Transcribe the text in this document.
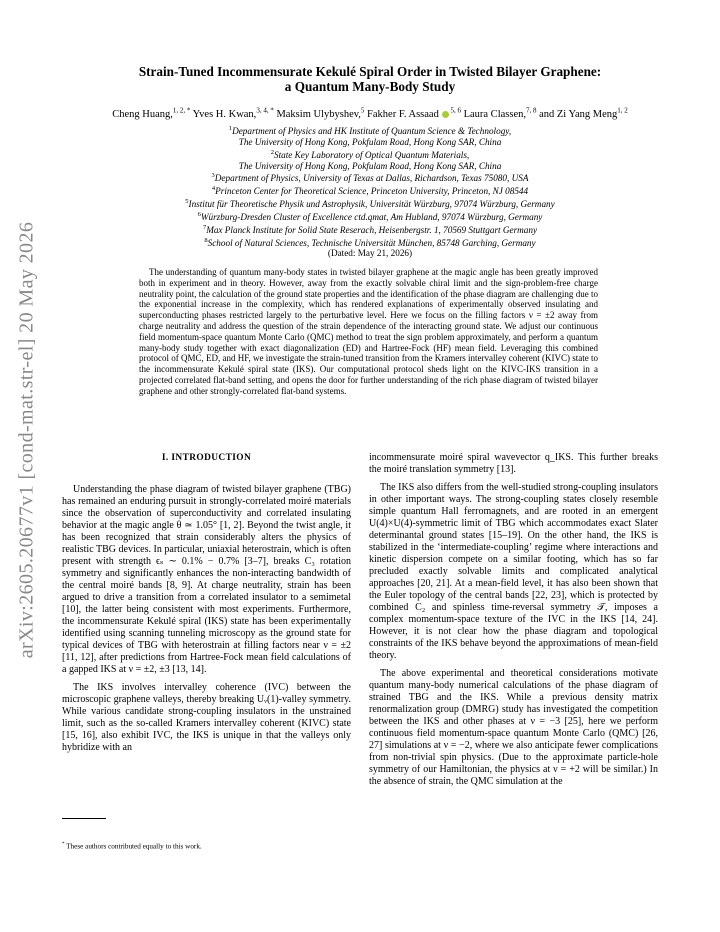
arXiv:2605.20677v1 [cond-mat.str-el] 20 May 2026
Strain-Tuned Incommensurate Kekulé Spiral Order in Twisted Bilayer Graphene:
a Quantum Many-Body Study
Cheng Huang,$^{1, 2, *}$ Yves H. Kwan,$^{3, 4, *}$ Maksim Ulybyshev,$^5$ Fakher F. Assaad $^{5, 6}$ Laura Classen,$^{7, 8}$ and Zi Yang Meng$^{1, 2}$
$^1$Department of Physics and HK Institute of Quantum Science & Technology,
The University of Hong Kong, Pokfulam Road, Hong Kong SAR, China
$^2$State Key Laboratory of Optical Quantum Materials,
The University of Hong Kong, Pokfulam Road, Hong Kong SAR, China
$^3$Department of Physics, University of Texas at Dallas, Richardson, Texas 75080, USA
$^4$Princeton Center for Theoretical Science, Princeton University, Princeton, NJ 08544
$^5$Institut für Theoretische Physik und Astrophysik, Universität Würzburg, 97074 Würzburg, Germany
$^6$Würzburg-Dresden Cluster of Excellence ctd.qmat, Am Hubland, 97074 Würzburg, Germany
$^7$Max Planck Institute for Solid State Reserach, Heisenbergstr. 1, 70569 Stuttgart Germany
$^8$School of Natural Sciences, Technische Universität München, 85748 Garching, Germany
(Dated: May 21, 2026)
The understanding of quantum many-body states in twisted bilayer graphene at the magic angle has been greatly improved both in experiment and in theory. However, away from the exactly solvable chiral limit and the sign-problem-free charge neutrality point, the calculation of the ground state properties and the identification of the phase diagram are challenging due to the exponential increase in the complexity, which has rendered explanations of experimentally observed insulating and superconducting phases restricted largely to the perturbative level. Here we focus on the filling factors ν = ±2 away from charge neutrality and address the question of the strain dependence of the interacting ground state. We adjust our continuous field momentum-space quantum Monte Carlo (QMC) method to treat the sign problem approximately, and perform a quantum many-body study together with exact diagonalization (ED) and Hartree-Fock (HF) mean field. Leveraging this combined protocol of QMC, ED, and HF, we investigate the strain-tuned transition from the Kramers intervalley coherent (KIVC) state to the incommensurate Kekulé spiral state (IKS). Our computational protocol sheds light on the KIVC-IKS transition in a projected correlated flat-band setting, and opens the door for further understanding of the rich phase diagram of twisted bilayer graphene and other strongly-correlated flat-band systems.
I. INTRODUCTION

Understanding the phase diagram of twisted bilayer graphene (TBG) has remained an enduring pursuit in strongly-correlated moiré materials since the observation of superconductivity and correlated insulating behavior at the magic angle θ ≃ 1.05° [1, 2]. Beyond the twist angle, it has been recognized that strain considerably alters the physics of realistic TBG devices. In particular, uniaxial heterostrain, which is often present with strength ϵₛ ∼ 0.1% − 0.7% [3–7], breaks C₃ rotation symmetry and significantly enhances the non-interacting bandwidth of the central moiré bands [8, 9]. At charge neutrality, strain has been argued to drive a transition from a correlated insulator to a semimetal [10], the latter being consistent with most experiments. Furthermore, the incommensurate Kekulé spiral (IKS) state has been experimentally identified using scanning tunneling microscopy as the ground state for typical devices of TBG with heterostrain at filling factors near ν = ±2 [11, 12], after predictions from Hartree-Fock mean field calculations of a gapped IKS at ν = ±2, ±3 [13, 14].

The IKS involves intervalley coherence (IVC) between the microscopic graphene valleys, thereby breaking Uᵥ(1)-valley symmetry. While various candidate strong-coupling insulators in the unstrained limit, such as the so-called Kramers intervalley coherent (KIVC) state [15, 16], also exhibit IVC, the IKS is unique in that the valleys only hybridize with an

incommensurate moiré spiral wavevector q_IKS. This further breaks the moiré translation symmetry [13].

The IKS also differs from the well-studied strong-coupling insulators in other important ways. The strong-coupling states closely resemble simple quantum Hall ferromagnets, and are rooted in an emergent U(4)×U(4)-symmetric limit of TBG which accommodates exact Slater determinantal ground states [15–19]. On the other hand, the IKS is stabilized in the ‘intermediate-coupling’ regime where interactions and kinetic dispersion compete on a similar footing, which has so far precluded exactly solvable limits and complicated analytical approaches [20, 21]. At a mean-field level, it has also been shown that the Euler topology of the central bands [22, 23], which is protected by combined C₂ and spinless time-reversal symmetry 𝒯, imposes a complex momentum-space texture of the IVC in the IKS [14, 24]. However, it is not clear how the phase diagram and topological constraints of the IKS behave beyond the approximations of mean-field theory.

The above experimental and theoretical considerations motivate quantum many-body numerical calculations of the phase diagram of strained TBG and the IKS. While a previous density matrix renormalization group (DMRG) study has investigated the competition between the IKS and other phases at ν = −3 [25], here we perform continuous field momentum-space quantum Monte Carlo (QMC) [26, 27] simulations at ν = −2, where we also anticipate fewer complications from non-trivial spin physics. (Due to the approximate particle-hole symmetry of our Hamiltonian, the physics at ν = +2 will be similar.) In the absence of strain, the QMC simulation at the

* These authors contributed equally to this work.
